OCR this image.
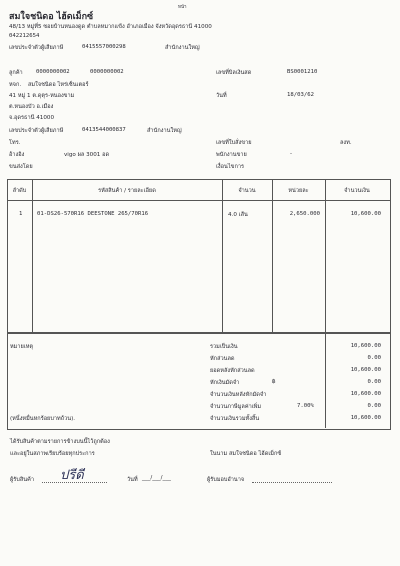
หน้า
สมใจชนิดอ ไฮ้ดเม็กซ์
48/13 หมู่ที่5 ซอยบ้านหนองดูด ตำบลหมากแข้ง อำเภอเมือง จังหวัดอุดรธานี 41000
042212654
เลขประจำตัวผู้เสียภาษี	0415557000298	สำนักงานใหญ่
ลูกค้า 0000000002	0000000002
หจก. สมใจชนิดอ ไหร่เซ็นเตอร์
41 หมู่ 1 ต.ดุตุร-หนองขาม
ต.หนองบัว อ.เมือง
จ.อุดรธานี 41000
เลขประจำตัวผู้เสียภาษี	0413544000837	สำนักงานใหญ่
โทร.
อ้างอิง	vigo ผล 3001 อด
ขนส่งโดย
เลขที่บิลเงินสด	BS0001210
วันที่	18/03/62
เลขที่ใบสั่งขาย	ลงท.
พนักงานขาย	-
เงื่อนไขการ
ลำดับ	รหัสสินค้า / รายละเอียด	จำนวน	หน่วยละ	จำนวนเงิน
1	01-DS26-570R16 DEESTONE 265/70R16	4.0 เส้น	2,650.000	10,600.00
หมายเหตุ	รวมเป็นเงิน	10,600.00
หักส่วนลด	0.00
ยอดหลังหักส่วนลด	10,600.00
หักเงินมัดจำ	0.00
จำนวนเงินหลังหักมัดจำ	10,600.00
จำนวนภาษีมูลค่าเพิ่ม	0.00
จำนวนเงินรวมทั้งสิ้น	10,600.00
฿
7.00%
(หนึ่งหมื่นหกร้อยบาทถ้วน).
ได้รับสินค้าตามรายการข้างบนนี้ไว้ถูกต้อง
และอยู่ในสภาพเรียบร้อยทุกประการ	ในนาม สมใจชนิดอ ไฮ้ดเม็กซ์
ผู้รับสินค้า ปรีดี	วันที่ ___/___/___	ผู้รับมอบอำนาจ
